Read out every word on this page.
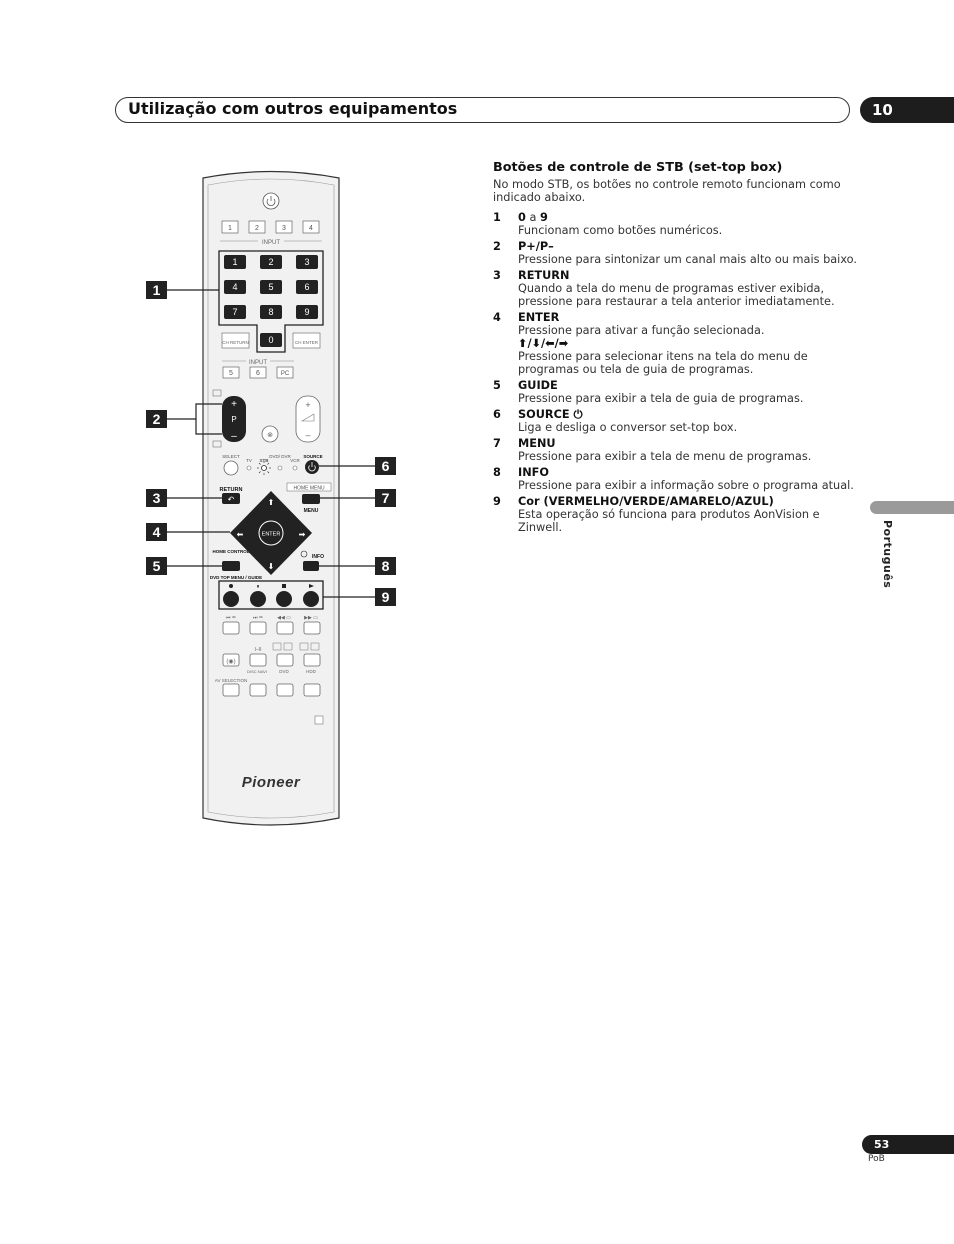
Utilização com outros equipamentos	10
Português
53
PoB
Botões de controle de STB (set-top box)
No modo STB, os botões no controle remoto funcionam como indicado abaixo.
1	0 a 9
Funcionam como botões numéricos.
2	P+/P–
Pressione para sintonizar um canal mais alto ou mais baixo.
3	RETURN
Quando a tela do menu de programas estiver exibida, pressione para restaurar a tela anterior imediatamente.
4	ENTER
Pressione para ativar a função selecionada.
⬆/⬇/⬅/➡
Pressione para selecionar itens na tela do menu de programas ou tela de guia de programas.
5	GUIDE
Pressione para exibir a tela de guia de programas.
6	SOURCE ⏻
Liga e desliga o conversor set-top box.
7	MENU
Pressione para exibir a tela de menu de programas.
8	INFO
Pressione para exibir a informação sobre o programa atual.
9	Cor (VERMELHO/VERDE/AMARELO/AZUL)
Esta operação só funciona para produtos AonVision e Zinwell.
1	2	3	4
INPUT
1	2	3
4	5	6
7	8	9
0
CH RETURN	CH ENTER
INPUT
5	6	PC
+
P
–
+
–
⊗
SELECT
TV STB
DVD/ DVR
VCR
SOURCE
RETURN
↶
HOME MENU
MENU
ENTER
⬆
⬇
⬅	➡
HOME CONTROL
INFO
DVD TOP MENU / GUIDE
⏸
⏮ ▭	⏭ ▭	◀◀ ▭	▶▶ ▭
(◉)
I–II
DISC NAVI	DVD	HDD
AV SELECTION
Pioneer
1
2
3
4
5
6
7
8
9
